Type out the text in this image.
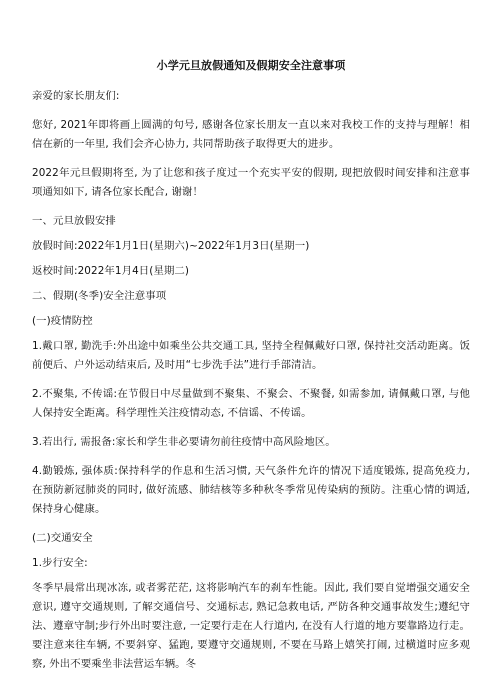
小学元旦放假通知及假期安全注意事项
亲爱的家长朋友们:
您好, 2021年即将画上圆满的句号, 感谢各位家长朋友一直以来对我校工作的支持与理解！相信在新的一年里, 我们会齐心协力, 共同帮助孩子取得更大的进步。
2022年元旦假期将至, 为了让您和孩子度过一个充实平安的假期, 现把放假时间安排和注意事项通知如下, 请各位家长配合, 谢谢！
一、元旦放假安排
放假时间:2022年1月1日(星期六)~2022年1月3日(星期一)
返校时间:2022年1月4日(星期二)
二、假期(冬季)安全注意事项
(一)疫情防控
1.戴口罩, 勤洗手:外出途中如乘坐公共交通工具, 坚持全程佩戴好口罩, 保持社交活动距离。饭前便后、户外运动结束后, 及时用“七步洗手法”进行手部清洁。
2.不聚集, 不传谣:在节假日中尽量做到不聚集、不聚会、不聚餐, 如需参加, 请佩戴口罩, 与他人保持安全距离。科学理性关注疫情动态, 不信谣、不传谣。
3.若出行, 需报备:家长和学生非必要请勿前往疫情中高风险地区。
4.勤锻炼, 强体质:保持科学的作息和生活习惯, 天气条件允许的情况下适度锻炼, 提高免疫力, 在预防新冠肺炎的同时, 做好流感、肺结核等多种秋冬季常见传染病的预防。注重心情的调适, 保持身心健康。
(二)交通安全
1.步行安全:
冬季早晨常出现冰冻, 或者雾茫茫, 这将影响汽车的刹车性能。因此, 我们要自觉增强交通安全意识, 遵守交通规则, 了解交通信号、交通标志, 熟记急救电话, 严防各种交通事故发生;遵纪守法、遵章守制;步行外出时要注意, 一定要行走在人行道内, 在没有人行道的地方要靠路边行走。要注意来往车辆, 不要斜穿、猛跑, 要遵守交通规则, 不要在马路上嬉笑打闹, 过横道时应多观察, 外出不要乘坐非法营运车辆。冬
